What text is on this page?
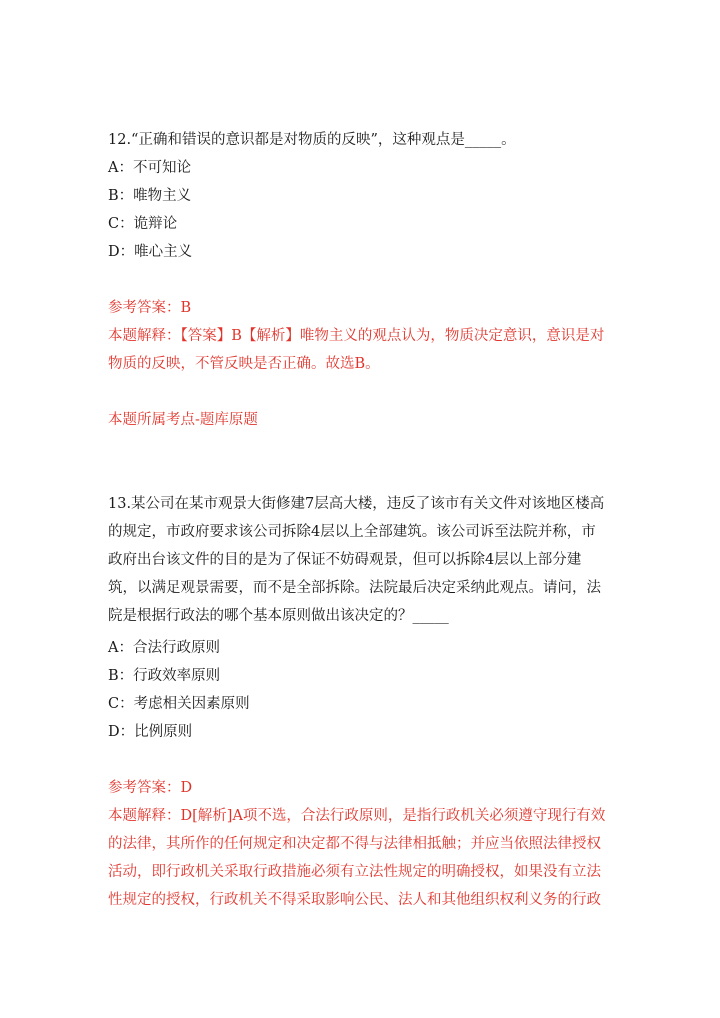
12.“正确和错误的意识都是对物质的反映”，这种观点是_____。
A：不可知论
B：唯物主义
C：诡辩论
D：唯心主义
参考答案：B
本题解释：【答案】B【解析】唯物主义的观点认为，物质决定意识，意识是对
物质的反映，不管反映是否正确。故选B。
本题所属考点-题库原题
13.某公司在某市观景大街修建7层高大楼，违反了该市有关文件对该地区楼高
的规定，市政府要求该公司拆除4层以上全部建筑。该公司诉至法院并称，市
政府出台该文件的目的是为了保证不妨碍观景，但可以拆除4层以上部分建
筑，以满足观景需要，而不是全部拆除。法院最后决定采纳此观点。请问，法
院是根据行政法的哪个基本原则做出该决定的？_____
A：合法行政原则
B：行政效率原则
C：考虑相关因素原则
D：比例原则
参考答案：D
本题解释：D[解析]A项不选，合法行政原则，是指行政机关必须遵守现行有效
的法律，其所作的任何规定和决定都不得与法律相抵触；并应当依照法律授权
活动，即行政机关采取行政措施必须有立法性规定的明确授权，如果没有立法
性规定的授权，行政机关不得采取影响公民、法人和其他组织权利义务的行政
